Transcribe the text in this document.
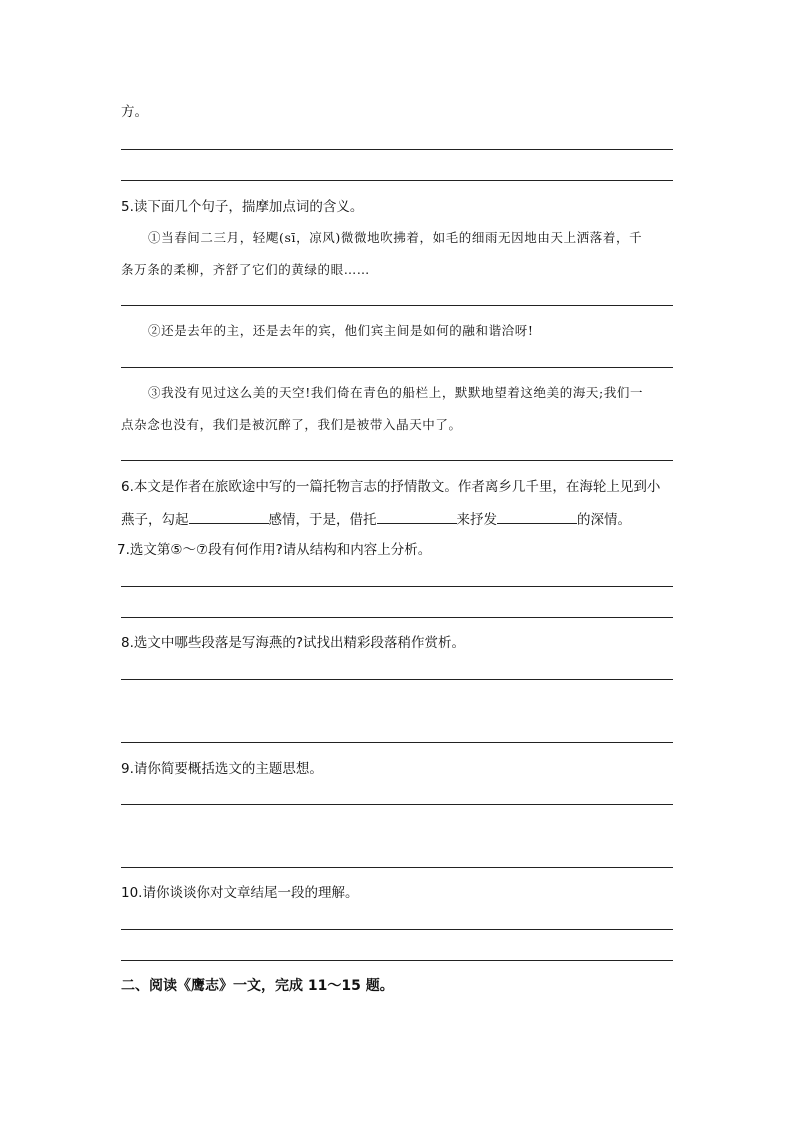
方。
5.读下面几个句子，揣摩加点词的含义。
①当春间二三月，轻飔(sī，凉风)微微地吹拂着，如毛的细雨无因地由天上洒落着，千
条万条的柔柳，齐舒了它们的黄绿的眼……
②还是去年的主，还是去年的宾，他们宾主间是如何的融和谐洽呀!
③我没有见过这么美的天空!我们倚在青色的船栏上，默默地望着这绝美的海天;我们一
点杂念也没有，我们是被沉醉了，我们是被带入晶天中了。
6.本文是作者在旅欧途中写的一篇托物言志的抒情散文。作者离乡几千里，在海轮上见到小
燕子，勾起	感情，于是，借托	来抒发	的深情。
7.选文第⑤～⑦段有何作用?请从结构和内容上分析。
8.选文中哪些段落是写海燕的?试找出精彩段落稍作赏析。
9.请你简要概括选文的主题思想。
10.请你谈谈你对文章结尾一段的理解。
二、阅读《鹰志》一文，完成 11～15 题。
